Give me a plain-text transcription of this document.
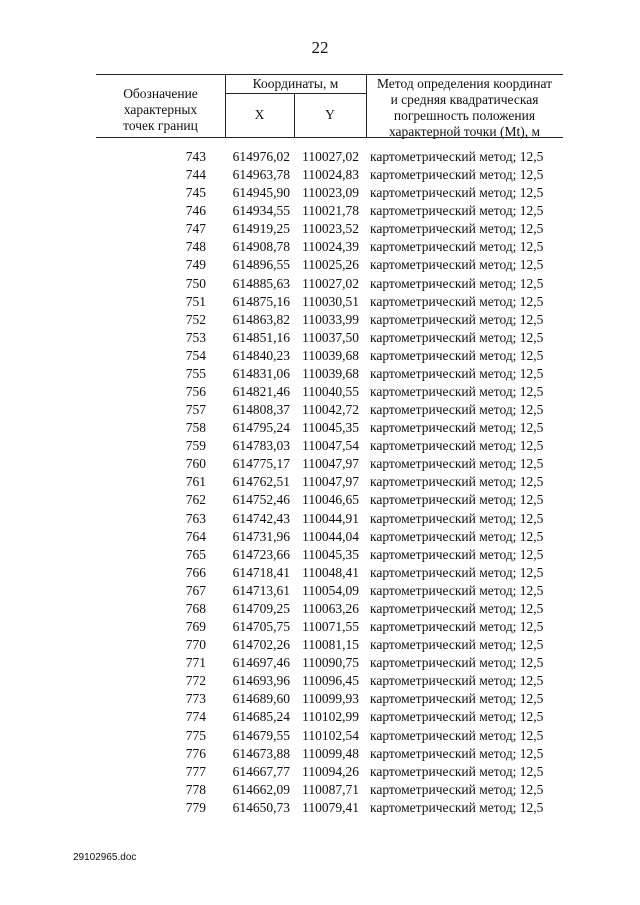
22
Обозначение
характерных
точек границ
Координаты, м
X	Y
Метод определения координат
и средняя квадратическая
погрешность положения
характерной точки (Mt), м
743 614976,02 110027,02 картометрический метод; 12,5
744 614963,78 110024,83 картометрический метод; 12,5
745 614945,90 110023,09 картометрический метод; 12,5
746 614934,55 110021,78 картометрический метод; 12,5
747 614919,25 110023,52 картометрический метод; 12,5
748 614908,78 110024,39 картометрический метод; 12,5
749 614896,55 110025,26 картометрический метод; 12,5
750 614885,63 110027,02 картометрический метод; 12,5
751 614875,16 110030,51 картометрический метод; 12,5
752 614863,82 110033,99 картометрический метод; 12,5
753 614851,16 110037,50 картометрический метод; 12,5
754 614840,23 110039,68 картометрический метод; 12,5
755 614831,06 110039,68 картометрический метод; 12,5
756 614821,46 110040,55 картометрический метод; 12,5
757 614808,37 110042,72 картометрический метод; 12,5
758 614795,24 110045,35 картометрический метод; 12,5
759 614783,03 110047,54 картометрический метод; 12,5
760 614775,17 110047,97 картометрический метод; 12,5
761 614762,51 110047,97 картометрический метод; 12,5
762 614752,46 110046,65 картометрический метод; 12,5
763 614742,43 110044,91 картометрический метод; 12,5
764 614731,96 110044,04 картометрический метод; 12,5
765 614723,66 110045,35 картометрический метод; 12,5
766 614718,41 110048,41 картометрический метод; 12,5
767 614713,61 110054,09 картометрический метод; 12,5
768 614709,25 110063,26 картометрический метод; 12,5
769 614705,75 110071,55 картометрический метод; 12,5
770 614702,26 110081,15 картометрический метод; 12,5
771 614697,46 110090,75 картометрический метод; 12,5
772 614693,96 110096,45 картометрический метод; 12,5
773 614689,60 110099,93 картометрический метод; 12,5
774 614685,24 110102,99 картометрический метод; 12,5
775 614679,55 110102,54 картометрический метод; 12,5
776 614673,88 110099,48 картометрический метод; 12,5
777 614667,77 110094,26 картометрический метод; 12,5
778 614662,09 110087,71 картометрический метод; 12,5
779 614650,73 110079,41 картометрический метод; 12,5
29102965.doc
